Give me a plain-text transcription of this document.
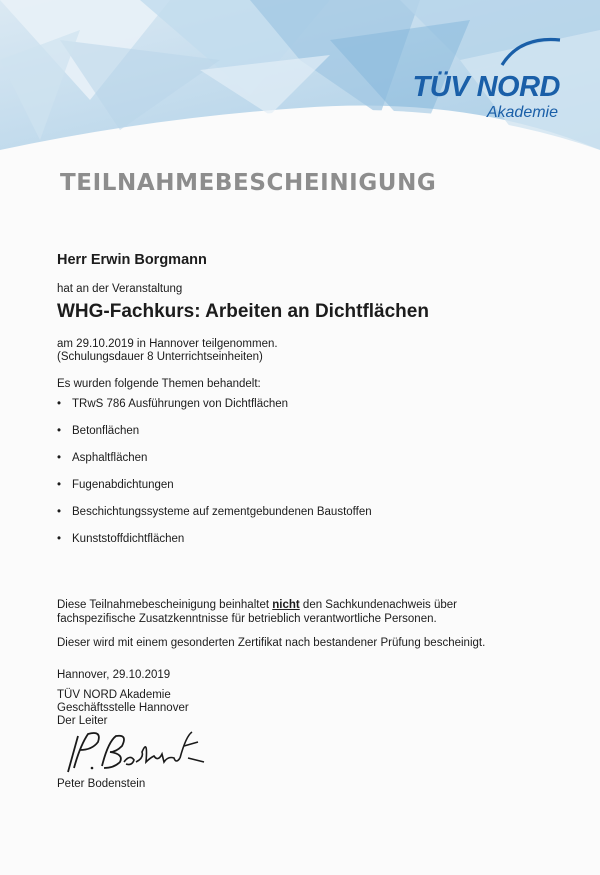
TÜV NORD
Akademie
TEILNAHMEBESCHEINIGUNG
Herr Erwin Borgmann
hat an der Veranstaltung
WHG-Fachkurs: Arbeiten an Dichtflächen
am 29.10.2019 in Hannover teilgenommen.
(Schulungsdauer 8 Unterrichtseinheiten)
Es wurden folgende Themen behandelt:
• TRwS 786 Ausführungen von Dichtflächen
• Betonflächen
• Asphaltflächen
• Fugenabdichtungen
• Beschichtungssysteme auf zementgebundenen Baustoffen
• Kunststoffdichtflächen
Diese Teilnahmebescheinigung beinhaltet nicht den Sachkundenachweis über
fachspezifische Zusatzkenntnisse für betrieblich verantwortliche Personen.
Dieser wird mit einem gesonderten Zertifikat nach bestandener Prüfung bescheinigt.
Hannover, 29.10.2019
TÜV NORD Akademie
Geschäftsstelle Hannover
Der Leiter
Peter Bodenstein
